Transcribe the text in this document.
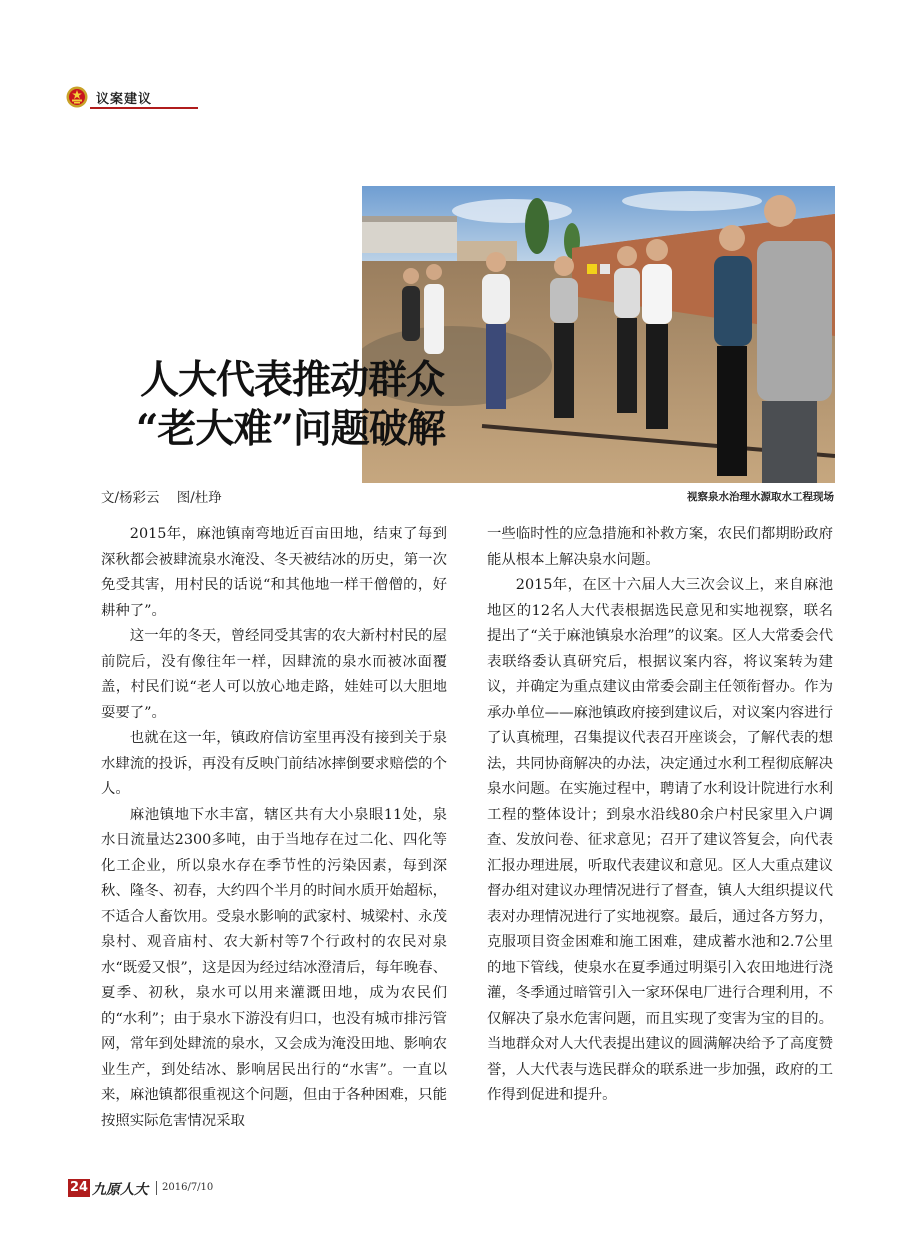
议案建议
视察泉水治理水源取水工程现场
人大代表推动群众
“老大难”问题破解
文/杨彩云    图/杜琤

2015年，麻池镇南弯地近百亩田地，结束了每到深秋都会被肆流泉水淹没、冬天被结冰的历史，第一次免受其害，用村民的话说“和其他地一样干僧僧的，好耕种了”。

这一年的冬天，曾经同受其害的农大新村村民的屋前院后，没有像往年一样，因肆流的泉水而被冰面覆盖，村民们说“老人可以放心地走路，娃娃可以大胆地耍要了”。

也就在这一年，镇政府信访室里再没有接到关于泉水肆流的投诉，再没有反映门前结冰摔倒要求赔偿的个人。

麻池镇地下水丰富，辖区共有大小泉眼11处，泉水日流量达2300多吨，由于当地存在过二化、四化等化工企业，所以泉水存在季节性的污染因素，每到深秋、隆冬、初春，大约四个半月的时间水质开始超标，不适合人畜饮用。受泉水影响的武家村、城梁村、永茂泉村、观音庙村、农大新村等7个行政村的农民对泉水“既爱又恨”，这是因为经过结冰澄清后，每年晚春、夏季、初秋，泉水可以用来灌溉田地，成为农民们的“水利”；由于泉水下游没有归口，也没有城市排污管网，常年到处肆流的泉水，又会成为淹没田地、影响农业生产，到处结冰、影响居民出行的“水害”。一直以来，麻池镇都很重视这个问题，但由于各种困难，只能按照实际危害情况采取

一些临时性的应急措施和补救方案，农民们都期盼政府能从根本上解决泉水问题。

2015年，在区十六届人大三次会议上，来自麻池地区的12名人大代表根据选民意见和实地视察，联名提出了“关于麻池镇泉水治理”的议案。区人大常委会代表联络委认真研究后，根据议案内容，将议案转为建议，并确定为重点建议由常委会副主任领衔督办。作为承办单位——麻池镇政府接到建议后，对议案内容进行了认真梳理，召集提议代表召开座谈会，了解代表的想法，共同协商解决的办法，决定通过水利工程彻底解决泉水问题。在实施过程中，聘请了水利设计院进行水利工程的整体设计；到泉水沿线80余户村民家里入户调查、发放问卷、征求意见；召开了建议答复会，向代表汇报办理进展，听取代表建议和意见。区人大重点建议督办组对建议办理情况进行了督查，镇人大组织提议代表对办理情况进行了实地视察。最后，通过各方努力，克服项目资金困难和施工困难，建成蓄水池和2.7公里的地下管线，使泉水在夏季通过明渠引入农田地进行浇灌，冬季通过暗管引入一家环保电厂进行合理利用，不仅解决了泉水危害问题，而且实现了变害为宝的目的。当地群众对人大代表提出建议的圆满解决给予了高度赞誉，人大代表与选民群众的联系进一步加强，政府的工作得到促进和提升。

24 九原人大 2016/7/10
